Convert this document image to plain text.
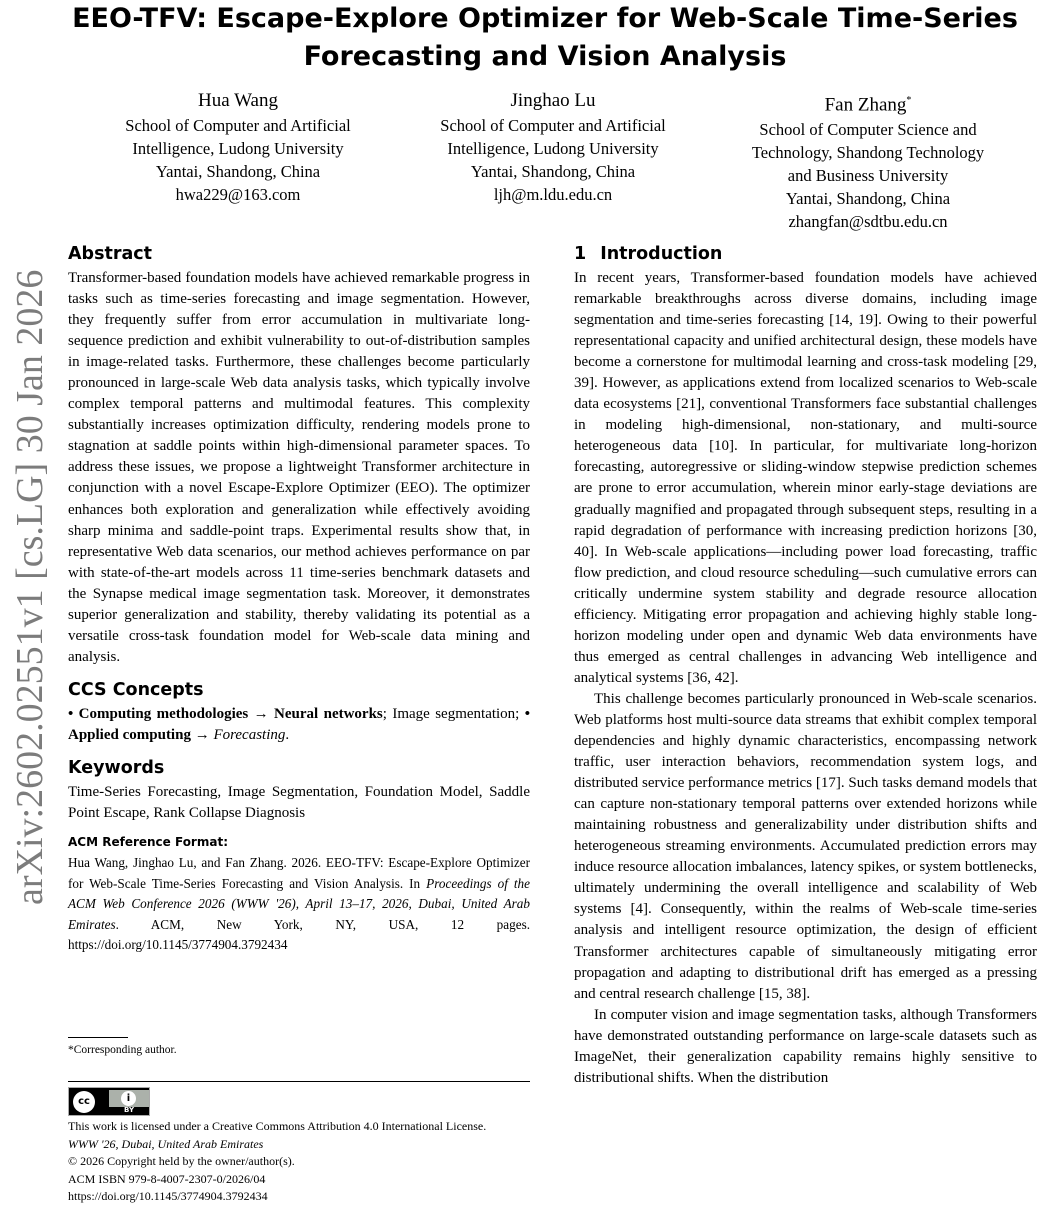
arXiv:2602.02551v1 [cs.LG] 30 Jan 2026
EEO-TFV: Escape-Explore Optimizer for Web-Scale Time-Series
Forecasting and Vision Analysis
Hua Wang
School of Computer and Artificial
Intelligence, Ludong University
Yantai, Shandong, China
hwa229@163.com
Jinghao Lu
School of Computer and Artificial
Intelligence, Ludong University
Yantai, Shandong, China
ljh@m.ldu.edu.cn
Fan Zhang*
School of Computer Science and
Technology, Shandong Technology
and Business University
Yantai, Shandong, China
zhangfan@sdtbu.edu.cn
Abstract

Transformer-based foundation models have achieved remarkable progress in tasks such as time-series forecasting and image segmentation. However, they frequently suffer from error accumulation in multivariate long-sequence prediction and exhibit vulnerability to out-of-distribution samples in image-related tasks. Furthermore, these challenges become particularly pronounced in large-scale Web data analysis tasks, which typically involve complex temporal patterns and multimodal features. This complexity substantially increases optimization difficulty, rendering models prone to stagnation at saddle points within high-dimensional parameter spaces. To address these issues, we propose a lightweight Transformer architecture in conjunction with a novel Escape-Explore Optimizer (EEO). The optimizer enhances both exploration and generalization while effectively avoiding sharp minima and saddle-point traps. Experimental results show that, in representative Web data scenarios, our method achieves performance on par with state-of-the-art models across 11 time-series benchmark datasets and the Synapse medical image segmentation task. Moreover, it demonstrates superior generalization and stability, thereby validating its potential as a versatile cross-task foundation model for Web-scale data mining and analysis.

CCS Concepts

• Computing methodologies → Neural networks; Image segmentation; • Applied computing → Forecasting.

Keywords

Time-Series Forecasting, Image Segmentation, Foundation Model, Saddle Point Escape, Rank Collapse Diagnosis

ACM Reference Format:
Hua Wang, Jinghao Lu, and Fan Zhang. 2026. EEO-TFV: Escape-Explore Optimizer for Web-Scale Time-Series Forecasting and Vision Analysis. In Proceedings of the ACM Web Conference 2026 (WWW '26), April 13–17, 2026, Dubai, United Arab Emirates. ACM, New York, NY, USA, 12 pages. https://doi.org/10.1145/3774904.3792434
*Corresponding author.
cc	i
BY
This work is licensed under a Creative Commons Attribution 4.0 International License.
WWW '26, Dubai, United Arab Emirates
© 2026 Copyright held by the owner/author(s).
ACM ISBN 979-8-4007-2307-0/2026/04
https://doi.org/10.1145/3774904.3792434
1 Introduction

In recent years, Transformer-based foundation models have achieved remarkable breakthroughs across diverse domains, including image segmentation and time-series forecasting [14, 19]. Owing to their powerful representational capacity and unified architectural design, these models have become a cornerstone for multimodal learning and cross-task modeling [29, 39]. However, as applications extend from localized scenarios to Web-scale data ecosystems [21], conventional Transformers face substantial challenges in modeling high-dimensional, non-stationary, and multi-source heterogeneous data [10]. In particular, for multivariate long-horizon forecasting, autoregressive or sliding-window stepwise prediction schemes are prone to error accumulation, wherein minor early-stage deviations are gradually magnified and propagated through subsequent steps, resulting in a rapid degradation of performance with increasing prediction horizons [30, 40]. In Web-scale applications—including power load forecasting, traffic flow prediction, and cloud resource scheduling—such cumulative errors can critically undermine system stability and degrade resource allocation efficiency. Mitigating error propagation and achieving highly stable long-horizon modeling under open and dynamic Web data environments have thus emerged as central challenges in advancing Web intelligence and analytical systems [36, 42].

This challenge becomes particularly pronounced in Web-scale scenarios. Web platforms host multi-source data streams that exhibit complex temporal dependencies and highly dynamic characteristics, encompassing network traffic, user interaction behaviors, recommendation system logs, and distributed service performance metrics [17]. Such tasks demand models that can capture non-stationary temporal patterns over extended horizons while maintaining robustness and generalizability under distribution shifts and heterogeneous streaming environments. Accumulated prediction errors may induce resource allocation imbalances, latency spikes, or system bottlenecks, ultimately undermining the overall intelligence and scalability of Web systems [4]. Consequently, within the realms of Web-scale time-series analysis and intelligent resource optimization, the design of efficient Transformer architectures capable of simultaneously mitigating error propagation and adapting to distributional drift has emerged as a pressing and central research challenge [15, 38].

In computer vision and image segmentation tasks, although Transformers have demonstrated outstanding performance on large-scale datasets such as ImageNet, their generalization capability remains highly sensitive to distributional shifts. When the distribution
